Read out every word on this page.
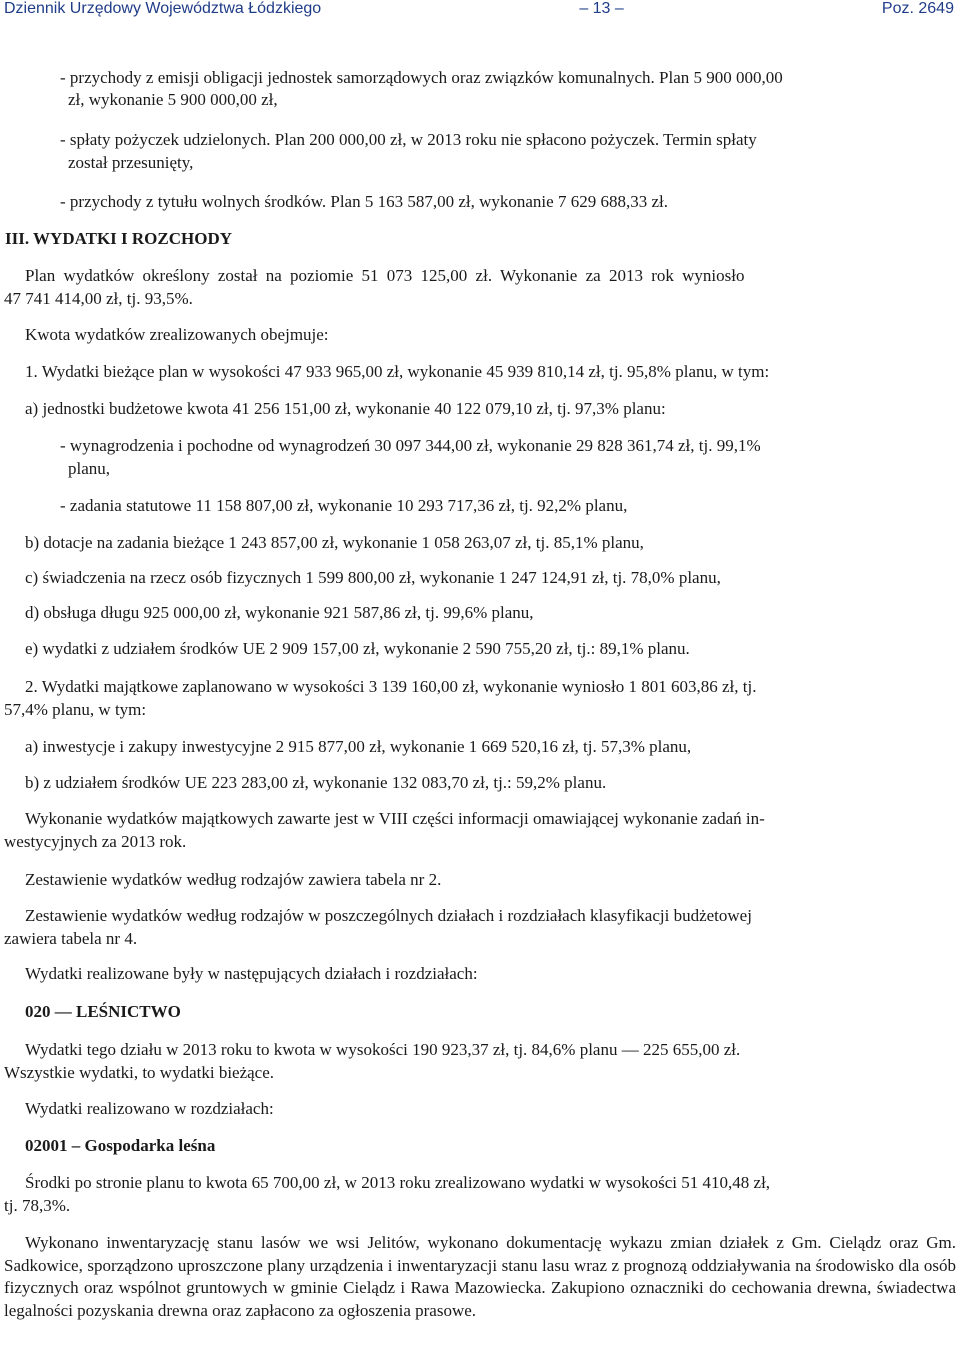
Dziennik Urzędowy Województwa Łódzkiego	– 13 –	Poz. 2649
- przychody z emisji obligacji jednostek samorządowych oraz związków komunalnych. Plan 5 900 000,00
zł, wykonanie 5 900 000,00 zł,
- spłaty pożyczek udzielonych. Plan 200 000,00 zł, w 2013 roku nie spłacono pożyczek. Termin spłaty
został przesunięty,
- przychody z tytułu wolnych środków. Plan 5 163 587,00 zł, wykonanie 7 629 688,33 zł.
III. WYDATKI I ROZCHODY
Plan wydatków określony został na poziomie 51 073 125,00 zł. Wykonanie za 2013 rok wyniosło
47 741 414,00 zł, tj. 93,5%.
Kwota wydatków zrealizowanych obejmuje:
1. Wydatki bieżące plan w wysokości 47 933 965,00 zł, wykonanie 45 939 810,14 zł, tj. 95,8% planu, w tym:
a) jednostki budżetowe kwota 41 256 151,00 zł, wykonanie 40 122 079,10 zł, tj. 97,3% planu:
- wynagrodzenia i pochodne od wynagrodzeń 30 097 344,00 zł, wykonanie 29 828 361,74 zł, tj. 99,1%
planu,
- zadania statutowe 11 158 807,00 zł, wykonanie 10 293 717,36 zł, tj. 92,2% planu,
b) dotacje na zadania bieżące 1 243 857,00 zł, wykonanie 1 058 263,07 zł, tj. 85,1% planu,
c) świadczenia na rzecz osób fizycznych 1 599 800,00 zł, wykonanie 1 247 124,91 zł, tj. 78,0% planu,
d) obsługa długu 925 000,00 zł, wykonanie 921 587,86 zł, tj. 99,6% planu,
e) wydatki z udziałem środków UE 2 909 157,00 zł, wykonanie 2 590 755,20 zł, tj.: 89,1% planu.
2. Wydatki majątkowe zaplanowano w wysokości 3 139 160,00 zł, wykonanie wyniosło 1 801 603,86 zł, tj.
57,4% planu, w tym:
a) inwestycje i zakupy inwestycyjne 2 915 877,00 zł, wykonanie 1 669 520,16 zł, tj. 57,3% planu,
b) z udziałem środków UE 223 283,00 zł, wykonanie 132 083,70 zł, tj.: 59,2% planu.
Wykonanie wydatków majątkowych zawarte jest w VIII części informacji omawiającej wykonanie zadań in-
westycyjnych za 2013 rok.
Zestawienie wydatków według rodzajów zawiera tabela nr 2.
Zestawienie wydatków według rodzajów w poszczególnych działach i rozdziałach klasyfikacji budżetowej
zawiera tabela nr 4.
Wydatki realizowane były w następujących działach i rozdziałach:
020 — LEŚNICTWO
Wydatki tego działu w 2013 roku to kwota w wysokości 190 923,37 zł, tj. 84,6% planu — 225 655,00 zł.
Wszystkie wydatki, to wydatki bieżące.
Wydatki realizowano w rozdziałach:
02001 – Gospodarka leśna
Środki po stronie planu to kwota 65 700,00 zł, w 2013 roku zrealizowano wydatki w wysokości 51 410,48 zł,
tj. 78,3%.
Wykonano inwentaryzację stanu lasów we wsi Jelitów, wykonano dokumentację wykazu zmian działek z Gm. Cielądz oraz Gm. Sadkowice, sporządzono uproszczone plany urządzenia i inwentaryzacji stanu lasu wraz z prognozą oddziaływania na środowisko dla osób fizycznych oraz wspólnot gruntowych w gminie Cielądz i Rawa Mazowiecka. Zakupiono oznaczniki do cechowania drewna, świadectwa legalności pozyskania drewna oraz zapłacono za ogłoszenia prasowe.
